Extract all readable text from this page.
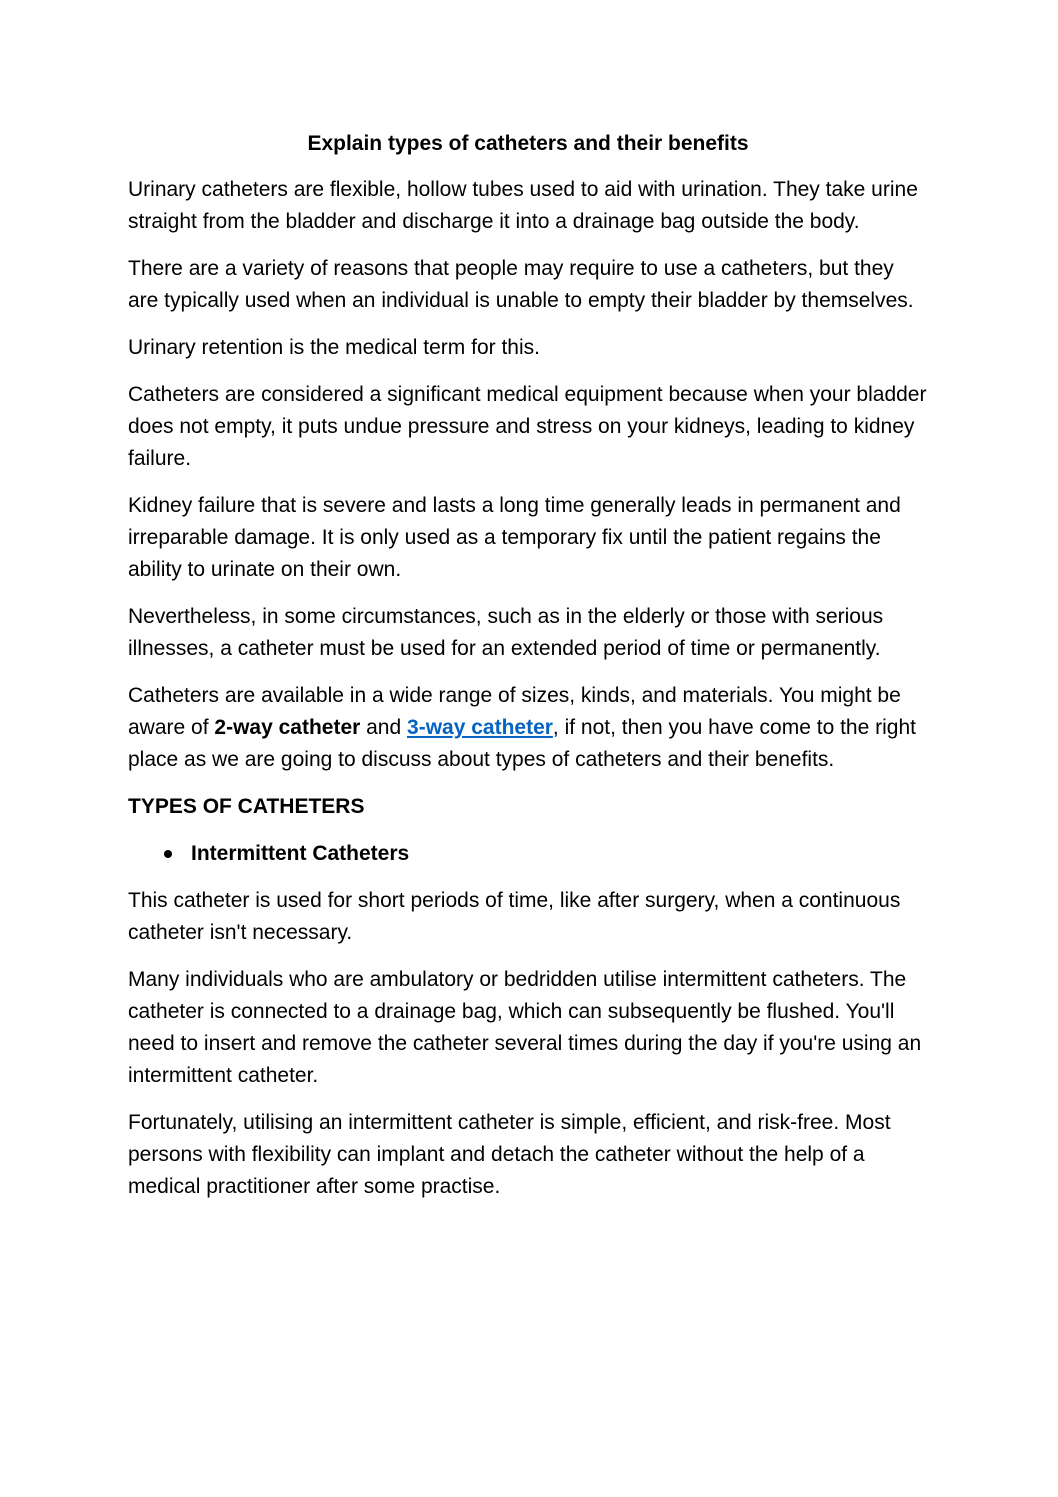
Explain types of catheters and their benefits

Urinary catheters are flexible, hollow tubes used to aid with urination. They take urine straight from the bladder and discharge it into a drainage bag outside the body.

There are a variety of reasons that people may require to use a catheters, but they are typically used when an individual is unable to empty their bladder by themselves.

Urinary retention is the medical term for this.

Catheters are considered a significant medical equipment because when your bladder does not empty, it puts undue pressure and stress on your kidneys, leading to kidney failure.

Kidney failure that is severe and lasts a long time generally leads in permanent and irreparable damage. It is only used as a temporary fix until the patient regains the ability to urinate on their own.

Nevertheless, in some circumstances, such as in the elderly or those with serious illnesses, a catheter must be used for an extended period of time or permanently.

Catheters are available in a wide range of sizes, kinds, and materials. You might be aware of 2-way catheter and 3-way catheter, if not, then you have come to the right place as we are going to discuss about types of catheters and their benefits.

TYPES OF CATHETERS
Intermittent Catheters

This catheter is used for short periods of time, like after surgery, when a continuous catheter isn't necessary.

Many individuals who are ambulatory or bedridden utilise intermittent catheters. The catheter is connected to a drainage bag, which can subsequently be flushed. You'll need to insert and remove the catheter several times during the day if you're using an intermittent catheter.

Fortunately, utilising an intermittent catheter is simple, efficient, and risk-free. Most persons with flexibility can implant and detach the catheter without the help of a medical practitioner after some practise.
